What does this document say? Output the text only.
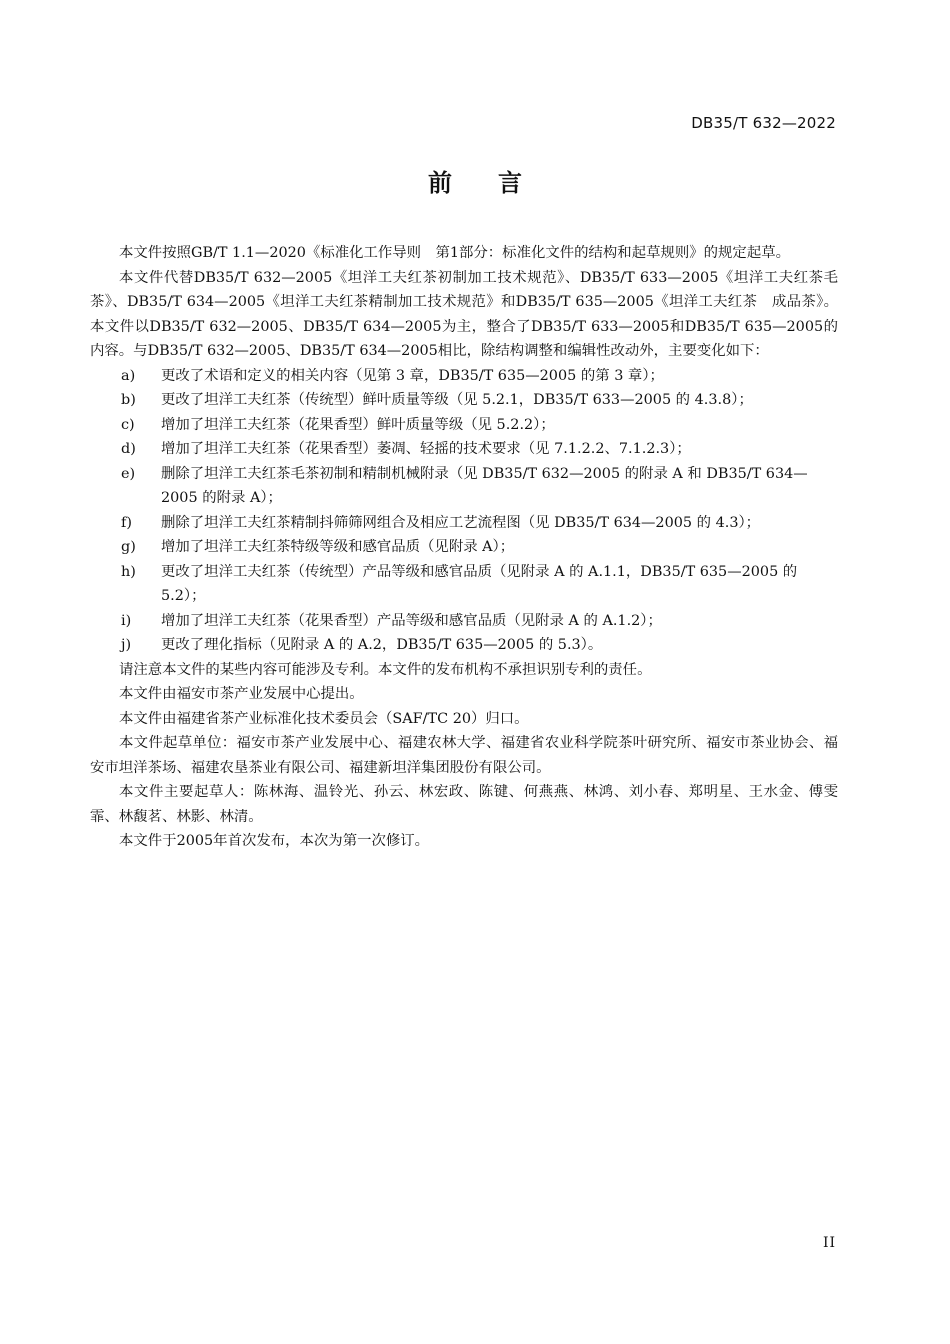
DB35/T 632—2022
前言

本文件按照GB/T 1.1—2020《标准化工作导则　第1部分：标准化文件的结构和起草规则》的规定起草。

本文件代替DB35/T 632—2005《坦洋工夫红茶初制加工技术规范》、DB35/T 633—2005《坦洋工夫红茶毛茶》、DB35/T 634—2005《坦洋工夫红茶精制加工技术规范》和DB35/T 635—2005《坦洋工夫红茶　成品茶》。本文件以DB35/T 632—2005、DB35/T 634—2005为主，整合了DB35/T 633—2005和DB35/T 635—2005的内容。与DB35/T 632—2005、DB35/T 634—2005相比，除结构调整和编辑性改动外，主要变化如下：

a)	更改了术语和定义的相关内容（见第 3 章，DB35/T 635—2005 的第 3 章）；
b)	更改了坦洋工夫红茶（传统型）鲜叶质量等级（见 5.2.1，DB35/T 633—2005 的 4.3.8）；
c)	增加了坦洋工夫红茶（花果香型）鲜叶质量等级（见 5.2.2）；
d)	增加了坦洋工夫红茶（花果香型）萎凋、轻摇的技术要求（见 7.1.2.2、7.1.2.3）；
e)	删除了坦洋工夫红茶毛茶初制和精制机械附录（见 DB35/T 632—2005 的附录 A 和 DB35/T 634—2005 的附录 A）；
f)	删除了坦洋工夫红茶精制抖筛筛网组合及相应工艺流程图（见 DB35/T 634—2005 的 4.3）；
g)	增加了坦洋工夫红茶特级等级和感官品质（见附录 A）；
h)	更改了坦洋工夫红茶（传统型）产品等级和感官品质（见附录 A 的 A.1.1，DB35/T 635—2005 的 5.2）；
i)	增加了坦洋工夫红茶（花果香型）产品等级和感官品质（见附录 A 的 A.1.2）；
j)	更改了理化指标（见附录 A 的 A.2，DB35/T 635—2005 的 5.3）。

请注意本文件的某些内容可能涉及专利。本文件的发布机构不承担识别专利的责任。

本文件由福安市茶产业发展中心提出。

本文件由福建省茶产业标准化技术委员会（SAF/TC 20）归口。

本文件起草单位：福安市茶产业发展中心、福建农林大学、福建省农业科学院茶叶研究所、福安市茶业协会、福安市坦洋茶场、福建农垦茶业有限公司、福建新坦洋集团股份有限公司。

本文件主要起草人：陈林海、温铃光、孙云、林宏政、陈键、何燕燕、林鸿、刘小春、郑明星、王水金、傅雯霏、林馥茗、林影、林清。

本文件于2005年首次发布，本次为第一次修订。

II
